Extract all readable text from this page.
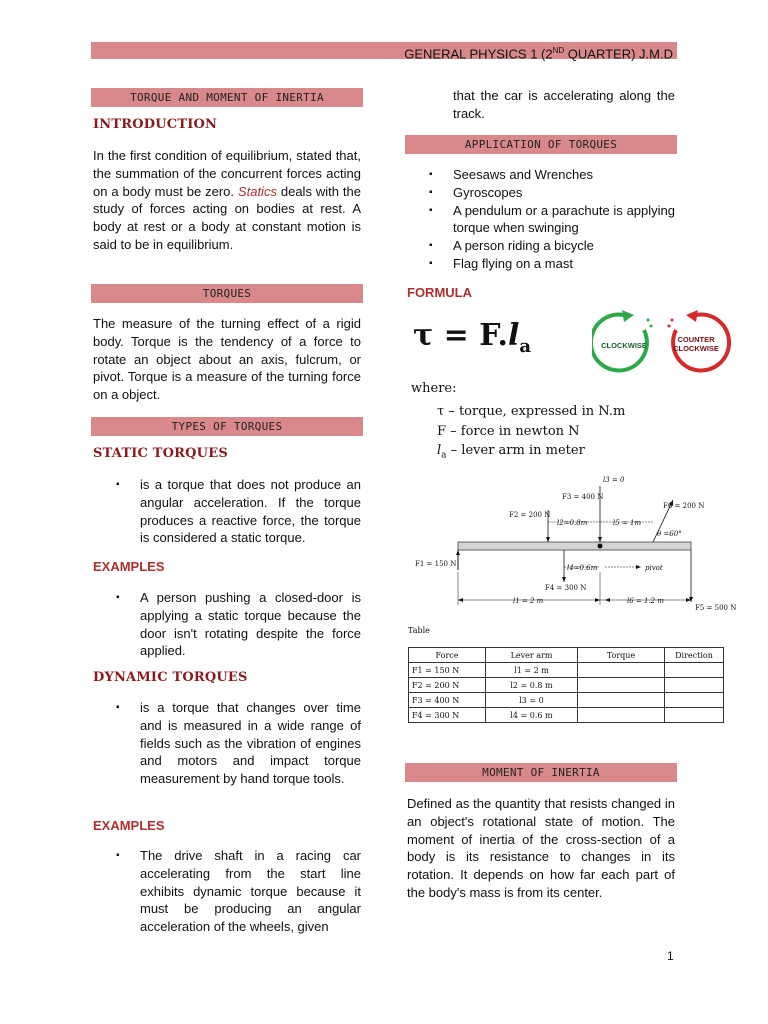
GENERAL PHYSICS 1 (2ND QUARTER) J.M.D
TORQUE AND MOMENT OF INERTIA
INTRODUCTION
In the first condition of equilibrium, stated that, the summation of the concurrent forces acting on a body must be zero. Statics deals with the study of forces acting on bodies at rest. A body at rest or a body at constant motion is said to be in equilibrium.
TORQUES
The measure of the turning effect of a rigid body. Torque is the tendency of a force to rotate an object about an axis, fulcrum, or pivot. Torque is a measure of the turning force on a object.
TYPES OF TORQUES
STATIC TORQUES
▪ is a torque that does not produce an angular acceleration. If the torque produces a reactive force, the torque is considered a static torque.
EXAMPLES
▪ A person pushing a closed-door is applying a static torque because the door isn't rotating despite the force applied.
DYNAMIC TORQUES
▪ is a torque that changes over time and is measured in a wide range of fields such as the vibration of engines and motors and impact torque measurement by hand torque tools.
EXAMPLES
▪ The drive shaft in a racing car accelerating from the start line exhibits dynamic torque because it must be producing an angular acceleration of the wheels, given
that the car is accelerating along the track.
APPLICATION OF TORQUES
▪ Seesaws and Wrenches
▪ Gyroscopes
▪ A pendulum or a parachute is applying torque when swinging
▪ A person riding a bicycle
▪ Flag flying on a mast
FORMULA
$\tau = F.l_a$	CLOCKWISE
COUNTER
CLOCKWISE
where:
τ – torque, expressed in N.m
F – force in newton N
$l_a$ – lever arm in meter
F1 = 150 N
F2 = 200 N
F3 = 400 N
l3 = 0
l2=0.8m	l5 = 1m
F6 = 200 N
θ =60°
F4 = 300 N
l4=0.6m	pivot
F5 = 500 N
l1 = 2 m	l6 = 1.2 m
Table
Force	Lever arm	Torque	Direction
F1 = 150 N	l1 = 2 m		
F2 = 200 N	l2 = 0.8 m		
F3 = 400 N	l3 = 0		
F4 = 300 N	l4 = 0.6 m		
MOMENT OF INERTIA
Defined as the quantity that resists changed in an object's rotational state of motion. The moment of inertia of the cross-section of a body is its resistance to changes in its rotation. It depends on how far each part of the body's mass is from its center.
1
